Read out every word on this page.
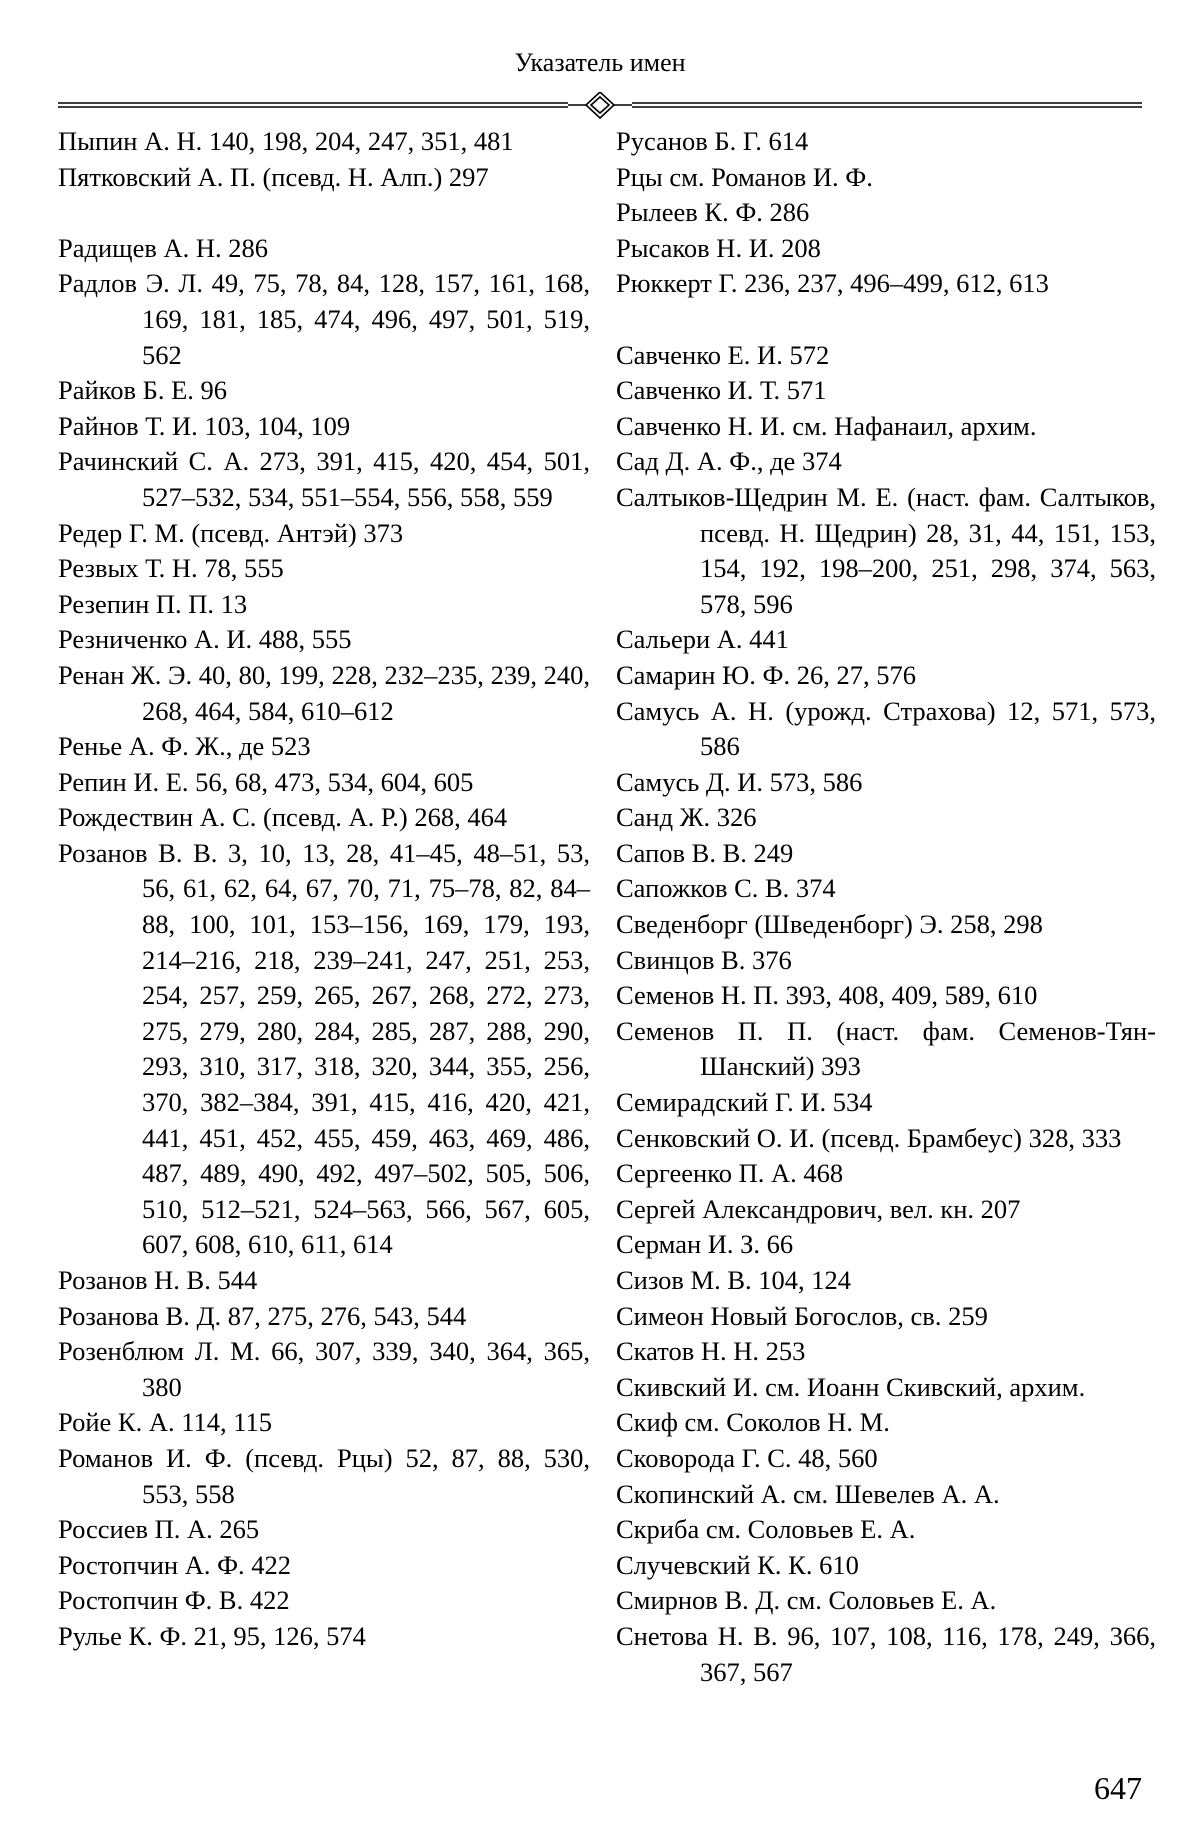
Указатель имен
Пыпин А. Н. 140, 198, 204, 247, 351, 481
Пятковский А. П. (псевд. Н. Алп.) 297
Радищев А. Н. 286
Радлов Э. Л. 49, 75, 78, 84, 128, 157, 161, 168, 169, 181, 185, 474, 496, 497, 501, 519, 562
Райков Б. Е. 96
Райнов Т. И. 103, 104, 109
Рачинский С. А. 273, 391, 415, 420, 454, 501, 527–532, 534, 551–554, 556, 558, 559
Редер Г. М. (псевд. Антэй) 373
Резвых Т. Н. 78, 555
Резепин П. П. 13
Резниченко А. И. 488, 555
Ренан Ж. Э. 40, 80, 199, 228, 232–235, 239, 240, 268, 464, 584, 610–612
Ренье А. Ф. Ж., де 523
Репин И. Е. 56, 68, 473, 534, 604, 605
Рождествин А. С. (псевд. А. Р.) 268, 464
Розанов В. В. 3, 10, 13, 28, 41–45, 48–51, 53, 56, 61, 62, 64, 67, 70, 71, 75–78, 82, 84–88, 100, 101, 153–156, 169, 179, 193, 214–216, 218, 239–241, 247, 251, 253, 254, 257, 259, 265, 267, 268, 272, 273, 275, 279, 280, 284, 285, 287, 288, 290, 293, 310, 317, 318, 320, 344, 355, 256, 370, 382–384, 391, 415, 416, 420, 421, 441, 451, 452, 455, 459, 463, 469, 486, 487, 489, 490, 492, 497–502, 505, 506, 510, 512–521, 524–563, 566, 567, 605, 607, 608, 610, 611, 614
Розанов Н. В. 544
Розанова В. Д. 87, 275, 276, 543, 544
Розенблюм Л. М. 66, 307, 339, 340, 364, 365, 380
Ройе К. А. 114, 115
Романов И. Ф. (псевд. Рцы) 52, 87, 88, 530, 553, 558
Россиев П. А. 265
Ростопчин А. Ф. 422
Ростопчин Ф. В. 422
Рулье К. Ф. 21, 95, 126, 574
Русанов Б. Г. 614
Рцы см. Романов И. Ф.
Рылеев К. Ф. 286
Рысаков Н. И. 208
Рюккерт Г. 236, 237, 496–499, 612, 613
Савченко Е. И. 572
Савченко И. Т. 571
Савченко Н. И. см. Нафанаил, архим.
Сад Д. А. Ф., де 374
Салтыков-Щедрин М. Е. (наст. фам. Салтыков, псевд. Н. Щедрин) 28, 31, 44, 151, 153, 154, 192, 198–200, 251, 298, 374, 563, 578, 596
Сальери А. 441
Самарин Ю. Ф. 26, 27, 576
Самусь А. Н. (урожд. Страхова) 12, 571, 573, 586
Самусь Д. И. 573, 586
Санд Ж. 326
Сапов В. В. 249
Сапожков С. В. 374
Сведенборг (Шведенборг) Э. 258, 298
Свинцов В. 376
Семенов Н. П. 393, 408, 409, 589, 610
Семенов П. П. (наст. фам. Семенов-Тян-Шанский) 393
Семирадский Г. И. 534
Сенковский О. И. (псевд. Брамбеус) 328, 333
Сергеенко П. А. 468
Сергей Александрович, вел. кн. 207
Серман И. З. 66
Сизов М. В. 104, 124
Симеон Новый Богослов, св. 259
Скатов Н. Н. 253
Скивский И. см. Иоанн Скивский, архим.
Скиф см. Соколов Н. М.
Сковорода Г. С. 48, 560
Скопинский А. см. Шевелев А. А.
Скриба см. Соловьев Е. А.
Случевский К. К. 610
Смирнов В. Д. см. Соловьев Е. А.
Снетова Н. В. 96, 107, 108, 116, 178, 249, 366, 367, 567
647
